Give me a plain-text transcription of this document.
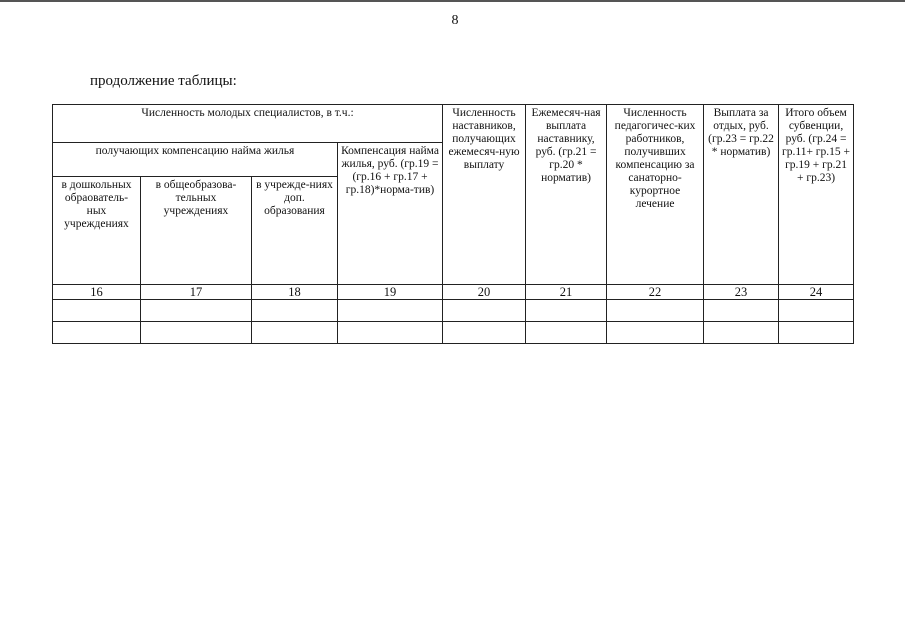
8
продолжение таблицы:
Численность молодых специалистов, в т.ч.:				Численность наставников, получающих ежемесяч-ную выплату	Ежемесяч-ная выплата наставнику, руб. (гр.21 = гр.20 * норматив)	Численность педагогичес-ких работников, получивших компенсацию за санаторно-курортное лечение	Выплата за отдых, руб. (гр.23 = гр.22 * норматив)	Итого объем субвенции, руб. (гр.24 = гр.11+ гр.15 + гр.19 + гр.21 + гр.23)
получающих компенсацию найма жилья			Компенсация найма жилья, руб. (гр.19 = (гр.16 + гр.17 + гр.18)*норма-тив)					
в дошкольных обраователь-ных учреждениях	в общеобразова-тельных учреждениях	в учрежде-ниях доп. образования						
16	17	18	19	20	21	22	23	24
